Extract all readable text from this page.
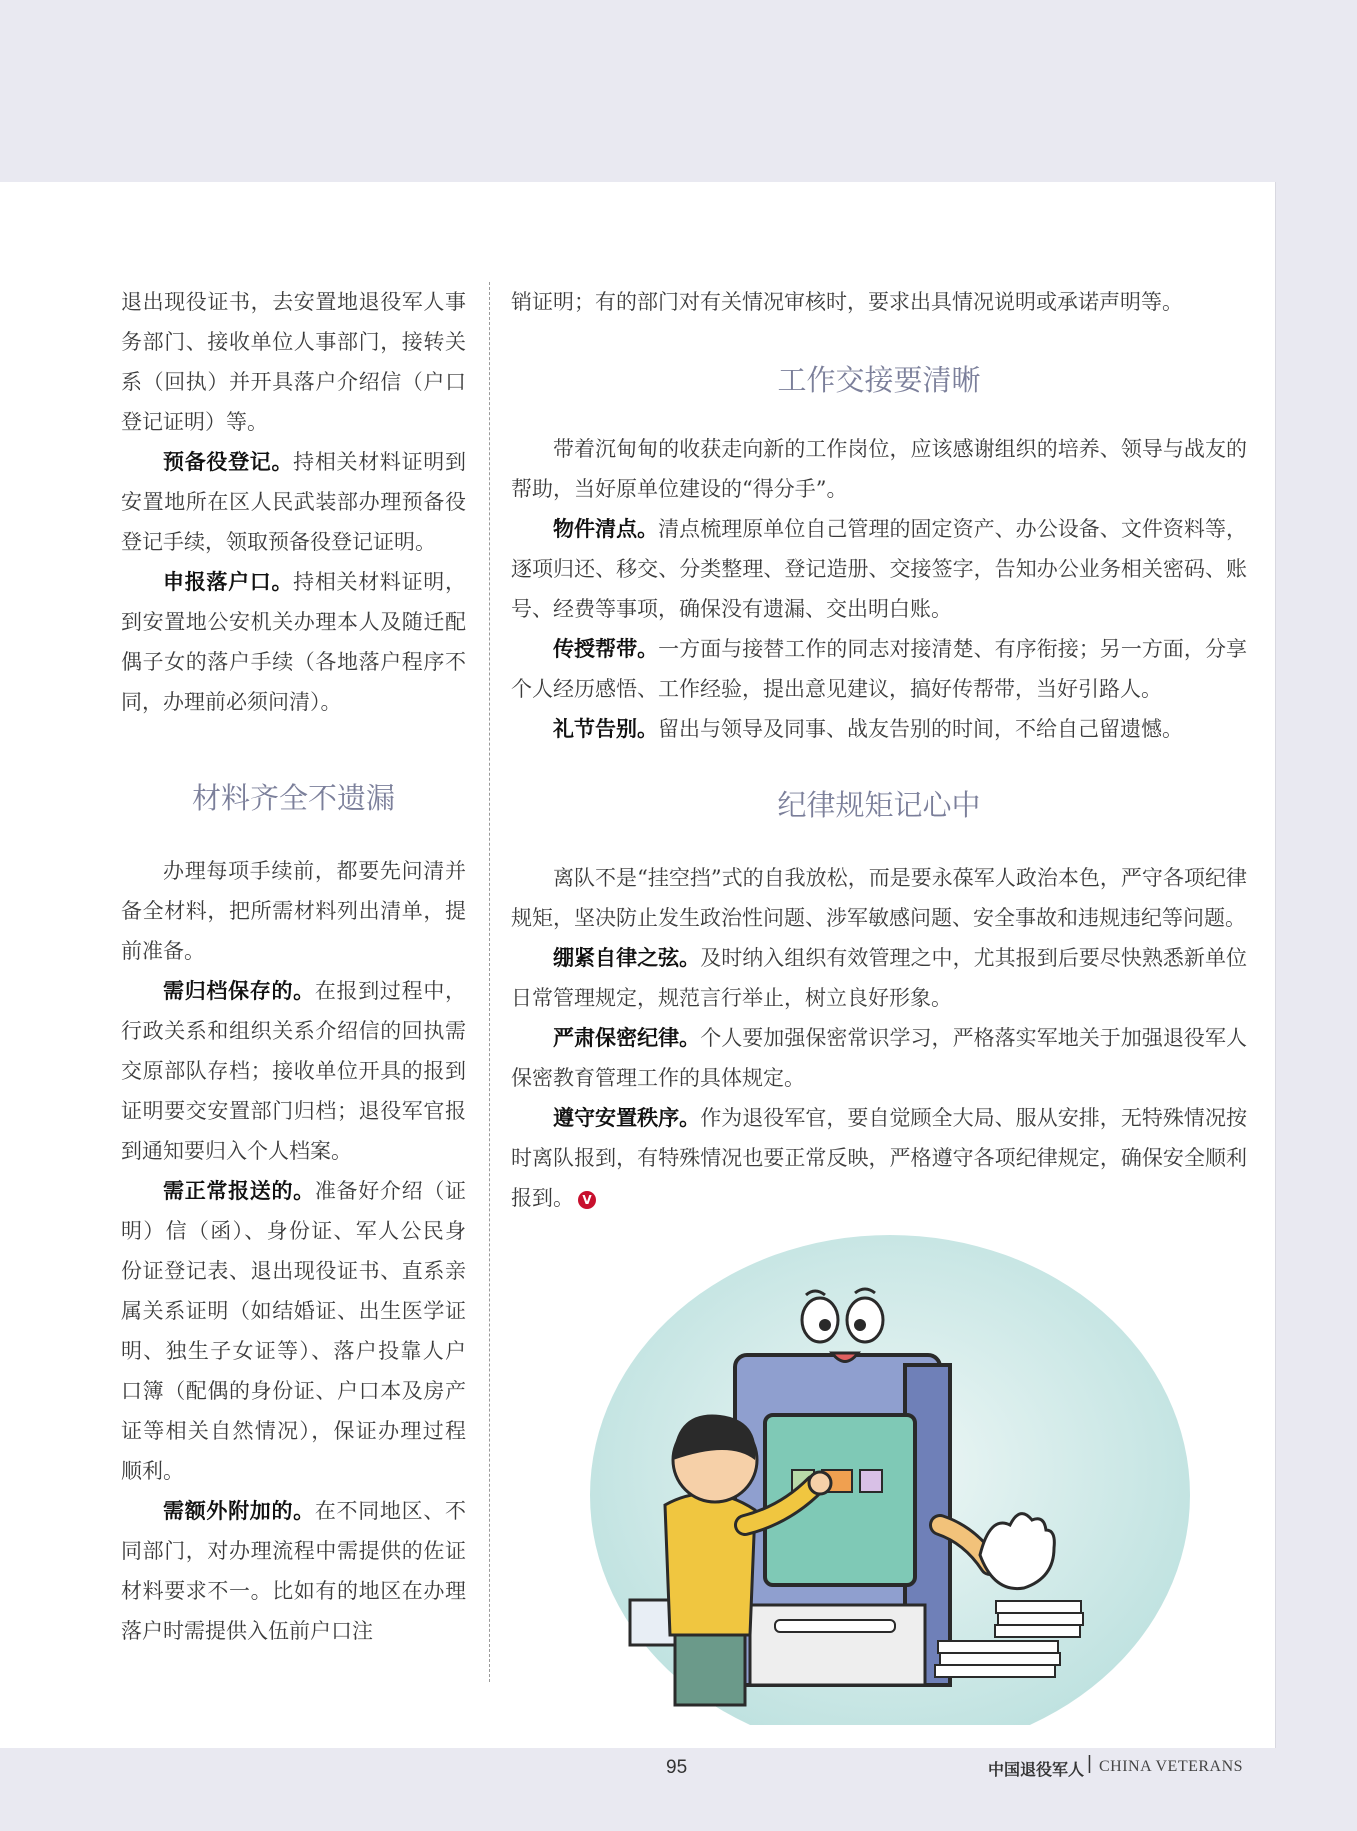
退出现役证书，去安置地退役军人事务部门、接收单位人事部门，接转关系（回执）并开具落户介绍信（户口登记证明）等。

预备役登记。持相关材料证明到安置地所在区人民武装部办理预备役登记手续，领取预备役登记证明。

申报落户口。持相关材料证明，到安置地公安机关办理本人及随迁配偶子女的落户手续（各地落户程序不同，办理前必须问清）。

材料齐全不遗漏

办理每项手续前，都要先问清并备全材料，把所需材料列出清单，提前准备。

需归档保存的。在报到过程中，行政关系和组织关系介绍信的回执需交原部队存档；接收单位开具的报到证明要交安置部门归档；退役军官报到通知要归入个人档案。

需正常报送的。准备好介绍（证明）信（函）、身份证、军人公民身份证登记表、退出现役证书、直系亲属关系证明（如结婚证、出生医学证明、独生子女证等）、落户投靠人户口簿（配偶的身份证、户口本及房产证等相关自然情况），保证办理过程顺利。

需额外附加的。在不同地区、不同部门，对办理流程中需提供的佐证材料要求不一。比如有的地区在办理落户时需提供入伍前户口注

销证明；有的部门对有关情况审核时，要求出具情况说明或承诺声明等。

工作交接要清晰

带着沉甸甸的收获走向新的工作岗位，应该感谢组织的培养、领导与战友的帮助，当好原单位建设的“得分手”。

物件清点。清点梳理原单位自己管理的固定资产、办公设备、文件资料等，逐项归还、移交、分类整理、登记造册、交接签字，告知办公业务相关密码、账号、经费等事项，确保没有遗漏、交出明白账。

传授帮带。一方面与接替工作的同志对接清楚、有序衔接；另一方面，分享个人经历感悟、工作经验，提出意见建议，搞好传帮带，当好引路人。

礼节告别。留出与领导及同事、战友告别的时间，不给自己留遗憾。

纪律规矩记心中

离队不是“挂空挡”式的自我放松，而是要永葆军人政治本色，严守各项纪律规矩，坚决防止发生政治性问题、涉军敏感问题、安全事故和违规违纪等问题。

绷紧自律之弦。及时纳入组织有效管理之中，尤其报到后要尽快熟悉新单位日常管理规定，规范言行举止，树立良好形象。

严肃保密纪律。个人要加强保密常识学习，严格落实军地关于加强退役军人保密教育管理工作的具体规定。

遵守安置秩序。作为退役军官，要自觉顾全大局、服从安排，无特殊情况按时离队报到，有特殊情况也要正常反映，严格遵守各项纪律规定，确保安全顺利报到。 V

95	中国退役军人 | CHINA VETERANS
